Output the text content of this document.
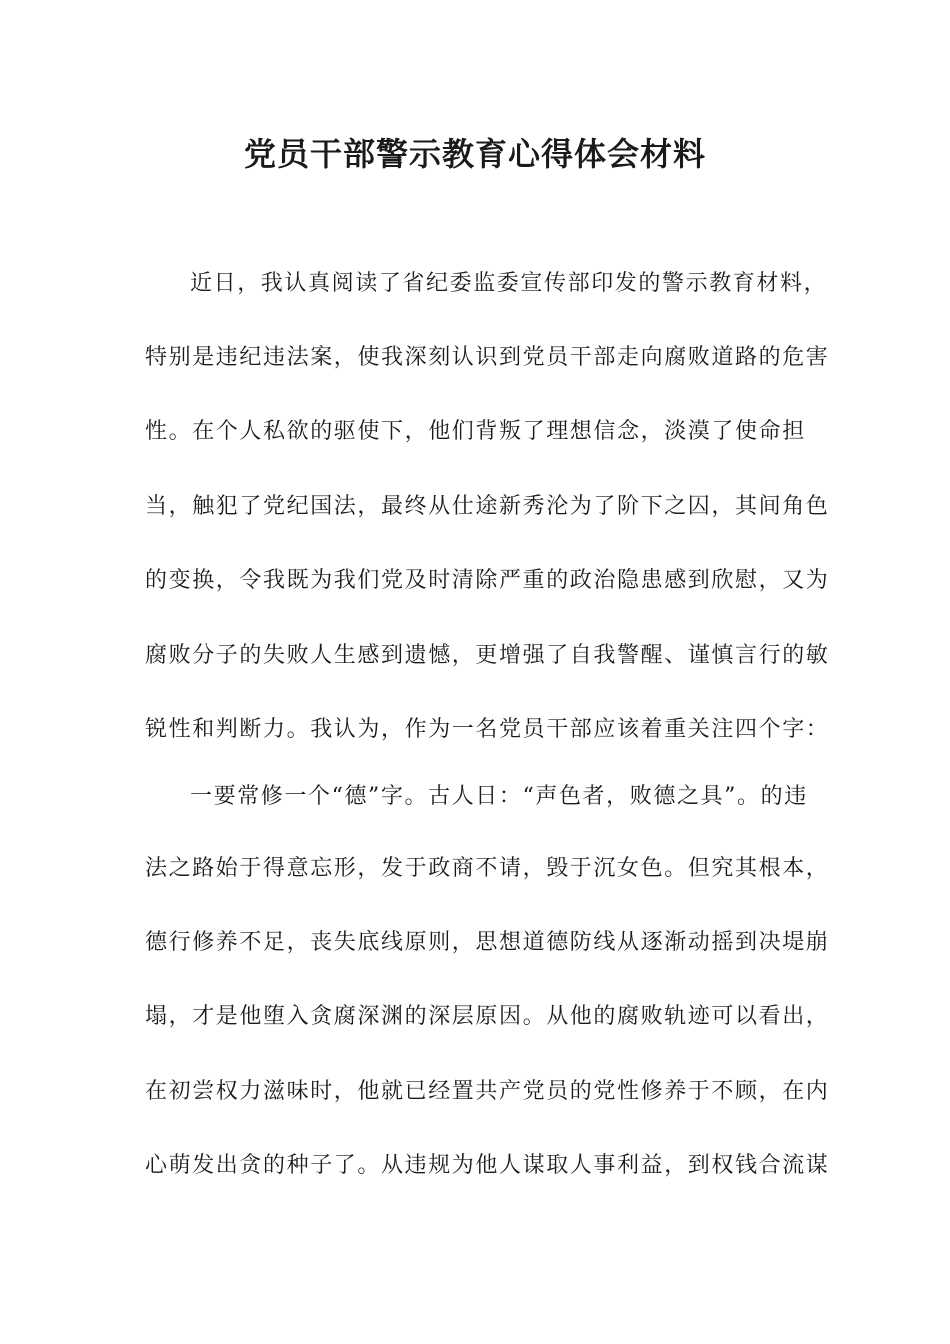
党员干部警示教育心得体会材料
近日，我认真阅读了省纪委监委宣传部印发的警示教育材料，
特别是违纪违法案，使我深刻认识到党员干部走向腐败道路的危害
性。在个人私欲的驱使下，他们背叛了理想信念，淡漠了使命担
当，触犯了党纪国法，最终从仕途新秀沦为了阶下之囚，其间角色
的变换，令我既为我们党及时清除严重的政治隐患感到欣慰，又为
腐败分子的失败人生感到遗憾，更增强了自我警醒、谨慎言行的敏
锐性和判断力。我认为，作为一名党员干部应该着重关注四个字：
一要常修一个“德”字。古人日：“声色者，败德之具”。的违
法之路始于得意忘形，发于政商不请，毁于沉女色。但究其根本，
德行修养不足，丧失底线原则，思想道德防线从逐渐动摇到决堤崩
塌，才是他堕入贪腐深渊的深层原因。从他的腐败轨迹可以看出，
在初尝权力滋味时，他就已经置共产党员的党性修养于不顾，在内
心萌发出贪的种子了。从违规为他人谋取人事利益，到权钱合流谋
